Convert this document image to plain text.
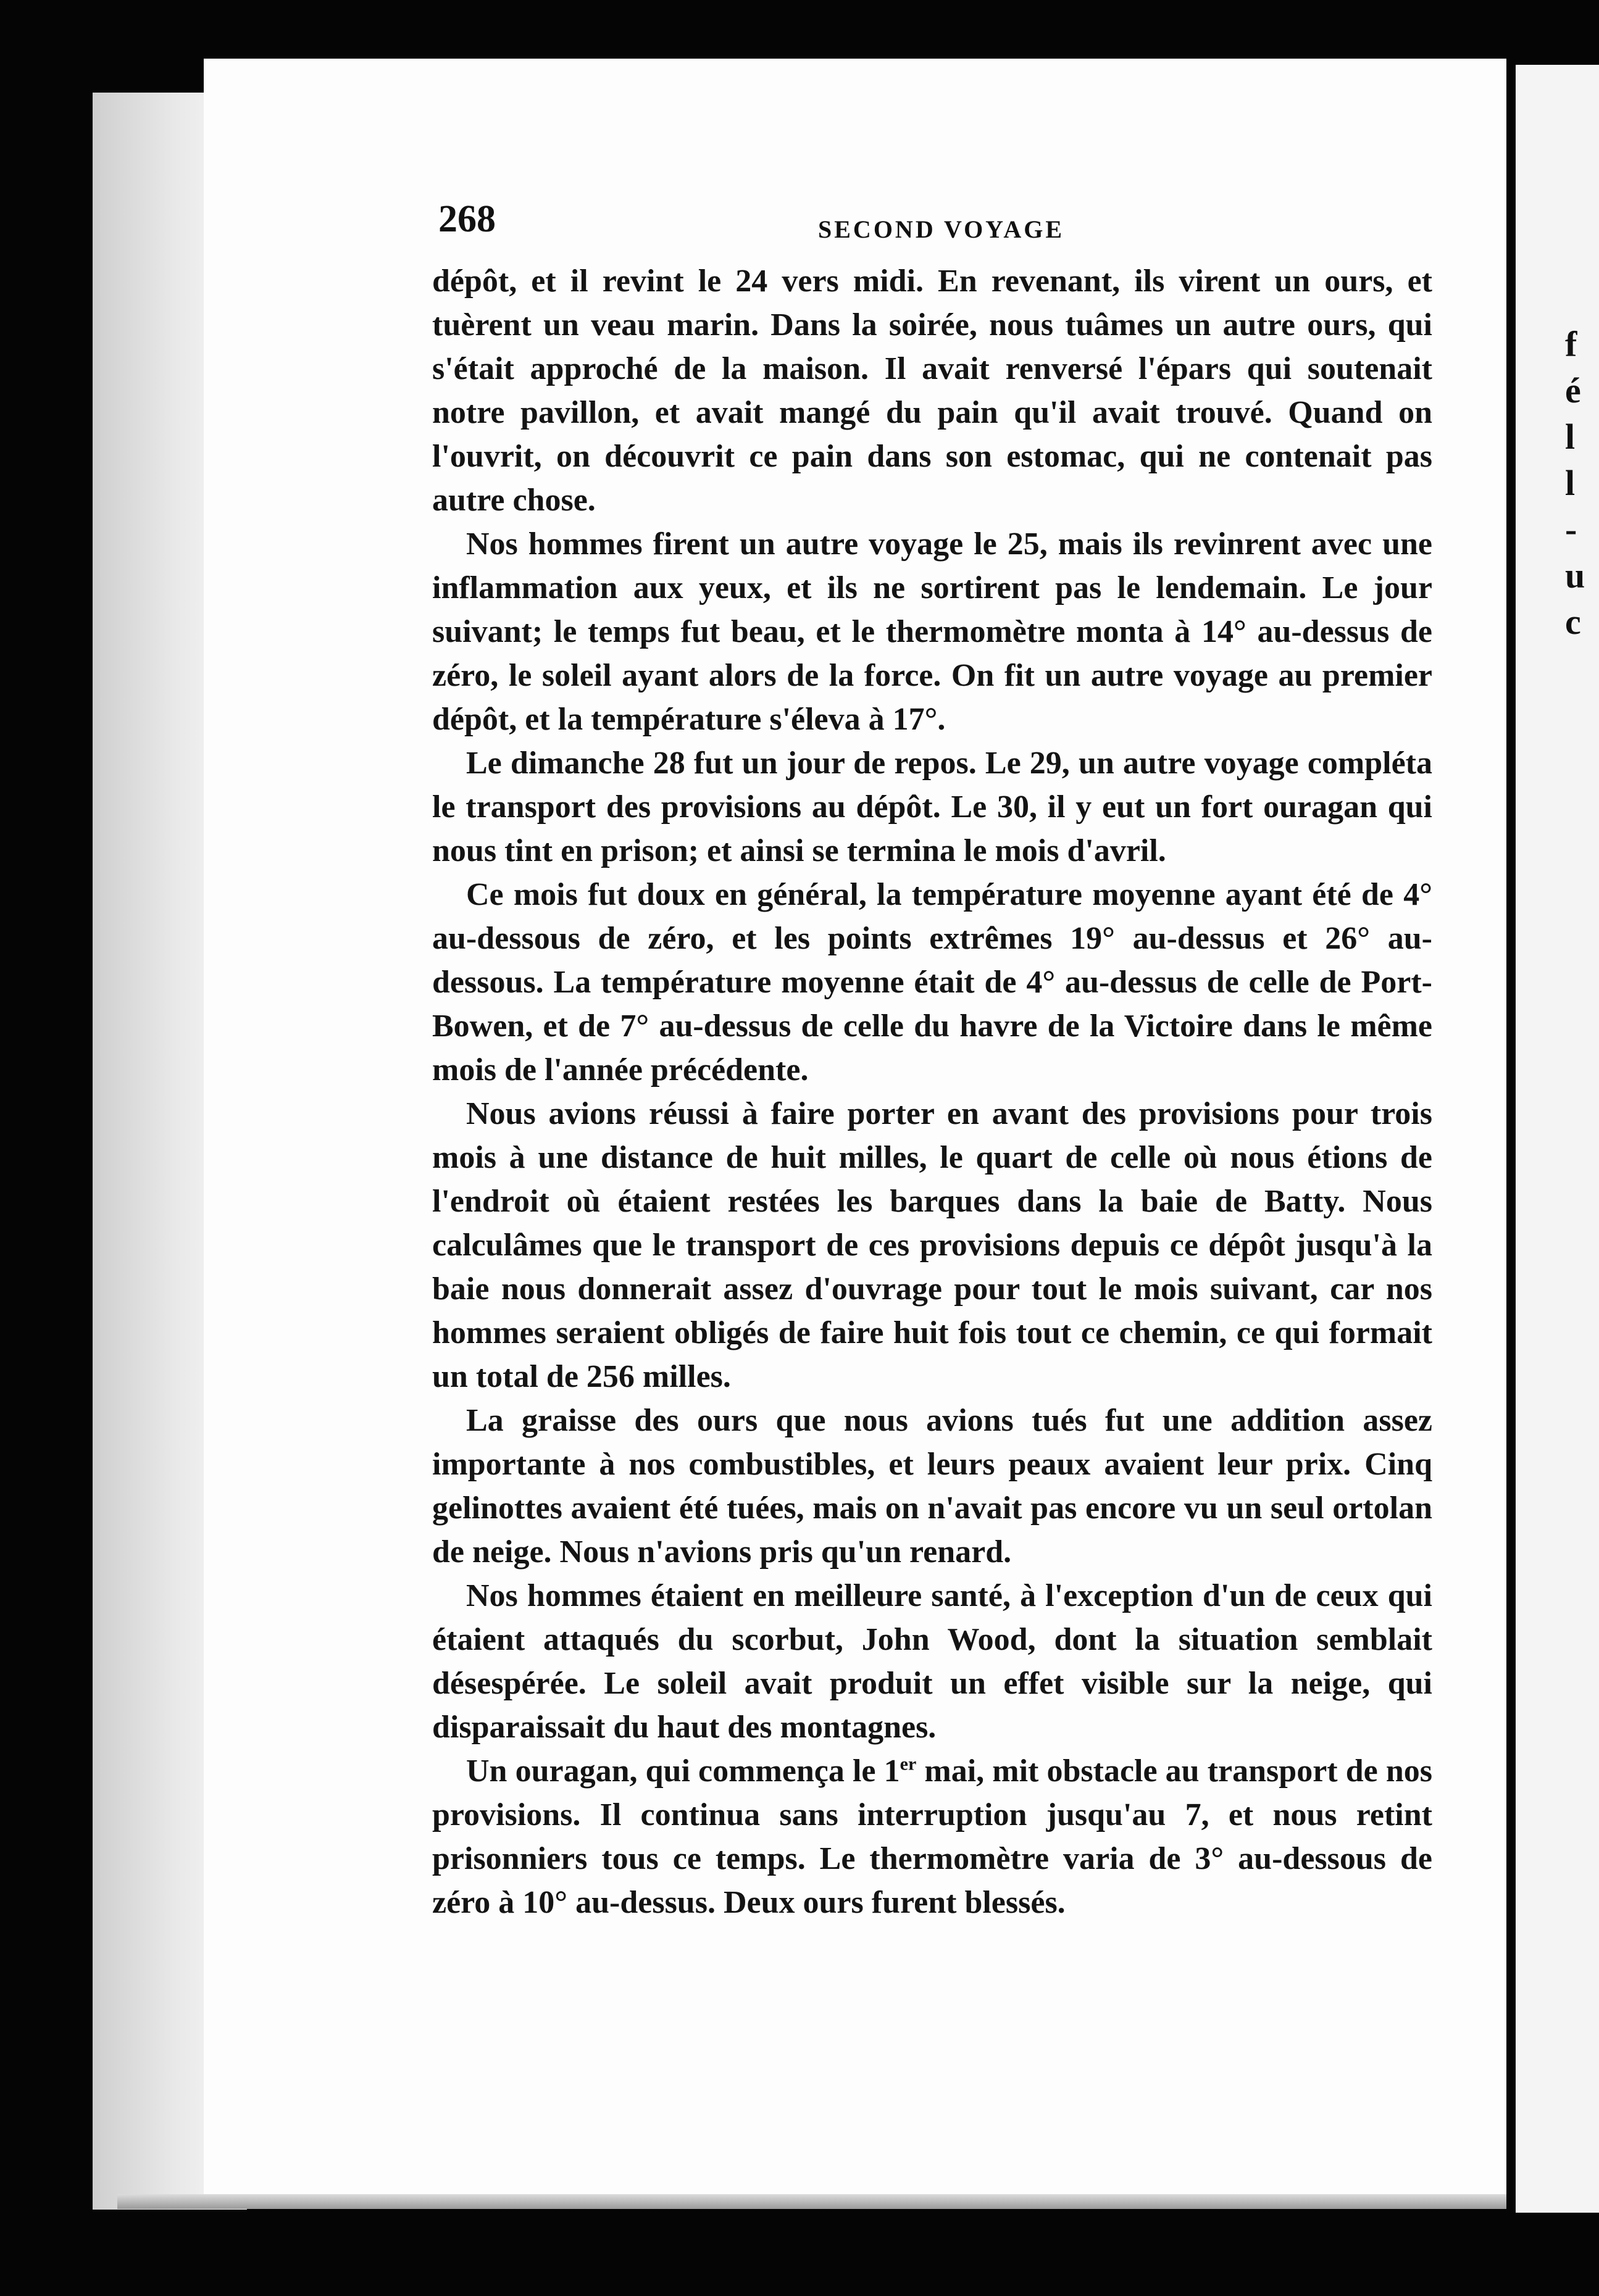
f
é
l
l
-
u
c
268	SECOND VOYAGE

dépôt, et il revint le 24 vers midi. En revenant, ils virent un ours, et tuèrent un veau marin. Dans la soirée, nous tuâmes un autre ours, qui s'était approché de la maison. Il avait renversé l'épars qui soutenait notre pavillon, et avait mangé du pain qu'il avait trouvé. Quand on l'ouvrit, on découvrit ce pain dans son estomac, qui ne contenait pas autre chose.

Nos hommes firent un autre voyage le 25, mais ils revinrent avec une inflammation aux yeux, et ils ne sortirent pas le lendemain. Le jour suivant; le temps fut beau, et le thermomètre monta à 14° au-dessus de zéro, le soleil ayant alors de la force. On fit un autre voyage au premier dépôt, et la température s'éleva à 17°.

Le dimanche 28 fut un jour de repos. Le 29, un autre voyage compléta le transport des provisions au dépôt. Le 30, il y eut un fort ouragan qui nous tint en prison; et ainsi se termina le mois d'avril.

Ce mois fut doux en général, la température moyenne ayant été de 4° au-dessous de zéro, et les points extrêmes 19° au-dessus et 26° au-dessous. La température moyenne était de 4° au-dessus de celle de Port-Bowen, et de 7° au-dessus de celle du havre de la Victoire dans le même mois de l'année précédente.

Nous avions réussi à faire porter en avant des provisions pour trois mois à une distance de huit milles, le quart de celle où nous étions de l'endroit où étaient restées les barques dans la baie de Batty. Nous calculâmes que le transport de ces provisions depuis ce dépôt jusqu'à la baie nous donnerait assez d'ouvrage pour tout le mois suivant, car nos hommes seraient obligés de faire huit fois tout ce chemin, ce qui formait un total de 256 milles.

La graisse des ours que nous avions tués fut une addition assez importante à nos combustibles, et leurs peaux avaient leur prix. Cinq gelinottes avaient été tuées, mais on n'avait pas encore vu un seul ortolan de neige. Nous n'avions pris qu'un renard.

Nos hommes étaient en meilleure santé, à l'exception d'un de ceux qui étaient attaqués du scorbut, John Wood, dont la situation semblait désespérée. Le soleil avait produit un effet visible sur la neige, qui disparaissait du haut des montagnes.

Un ouragan, qui commença le 1er mai, mit obstacle au transport de nos provisions. Il continua sans interruption jusqu'au 7, et nous retint prisonniers tous ce temps. Le thermomètre varia de 3° au-dessous de zéro à 10° au-dessus. Deux ours furent blessés.
